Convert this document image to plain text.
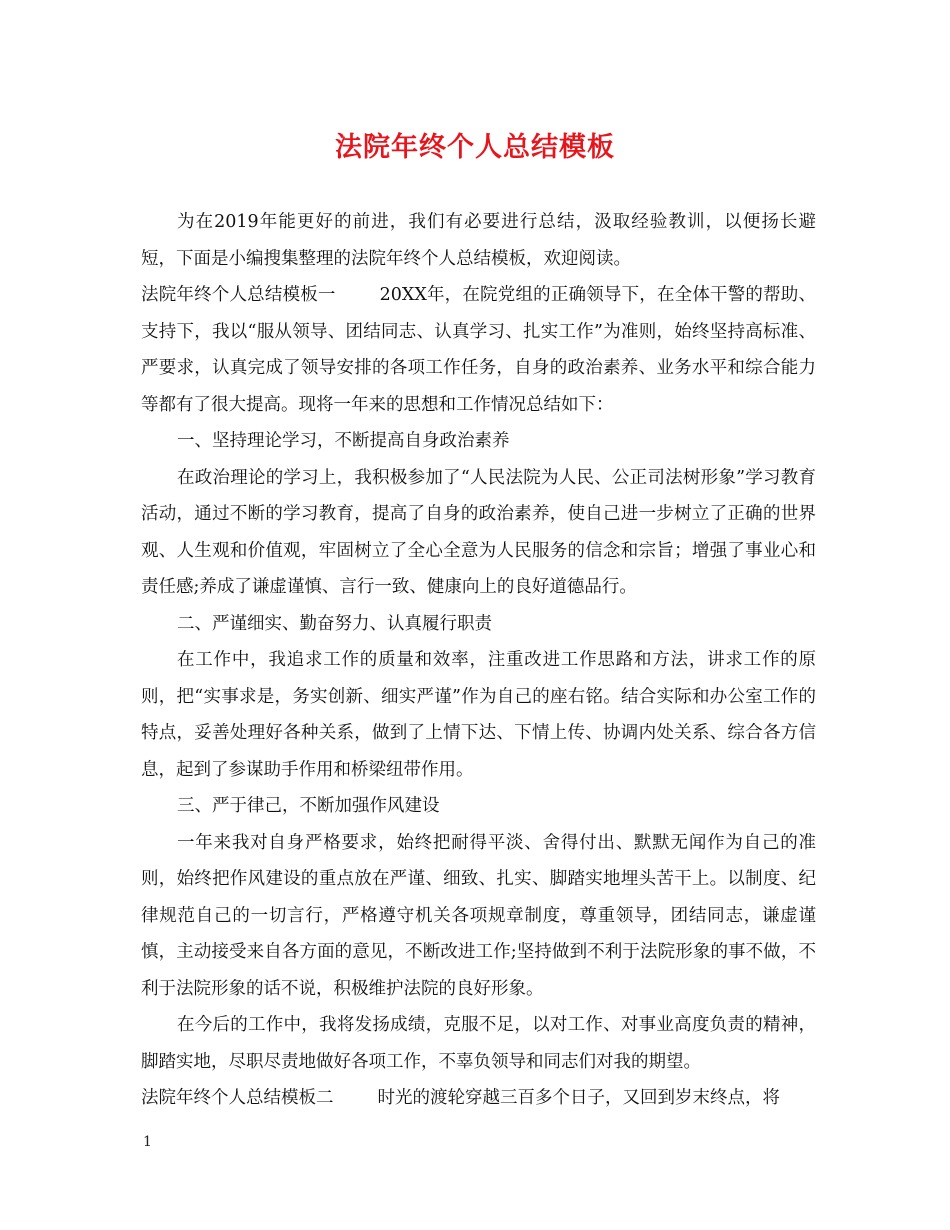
法院年终个人总结模板

为在2019年能更好的前进，我们有必要进行总结，汲取经验教训，以便扬长避短，下面是小编搜集整理的法院年终个人总结模板，欢迎阅读。

法院年终个人总结模板一	20XX年，在院党组的正确领导下，在全体干警的帮助、支持下，我以“服从领导、团结同志、认真学习、扎实工作”为准则，始终坚持高标准、严要求，认真完成了领导安排的各项工作任务，自身的政治素养、业务水平和综合能力等都有了很大提高。现将一年来的思想和工作情况总结如下：

一、坚持理论学习，不断提高自身政治素养

在政治理论的学习上，我积极参加了“人民法院为人民、公正司法树形象”学习教育活动，通过不断的学习教育，提高了自身的政治素养，使自己进一步树立了正确的世界观、人生观和价值观，牢固树立了全心全意为人民服务的信念和宗旨；增强了事业心和责任感;养成了谦虚谨慎、言行一致、健康向上的良好道德品行。

二、严谨细实、勤奋努力、认真履行职责

在工作中，我追求工作的质量和效率，注重改进工作思路和方法，讲求工作的原则，把“实事求是，务实创新、细实严谨”作为自己的座右铭。结合实际和办公室工作的特点，妥善处理好各种关系，做到了上情下达、下情上传、协调内处关系、综合各方信息，起到了参谋助手作用和桥梁纽带作用。

三、严于律己，不断加强作风建设

一年来我对自身严格要求，始终把耐得平淡、舍得付出、默默无闻作为自己的准则，始终把作风建设的重点放在严谨、细致、扎实、脚踏实地埋头苦干上。以制度、纪律规范自己的一切言行，严格遵守机关各项规章制度，尊重领导，团结同志，谦虚谨慎，主动接受来自各方面的意见，不断改进工作;坚持做到不利于法院形象的事不做，不利于法院形象的话不说，积极维护法院的良好形象。

在今后的工作中，我将发扬成绩，克服不足，以对工作、对事业高度负责的精神，脚踏实地，尽职尽责地做好各项工作，不辜负领导和同志们对我的期望。

法院年终个人总结模板二	时光的渡轮穿越三百多个日子，又回到岁末终点，将

1
